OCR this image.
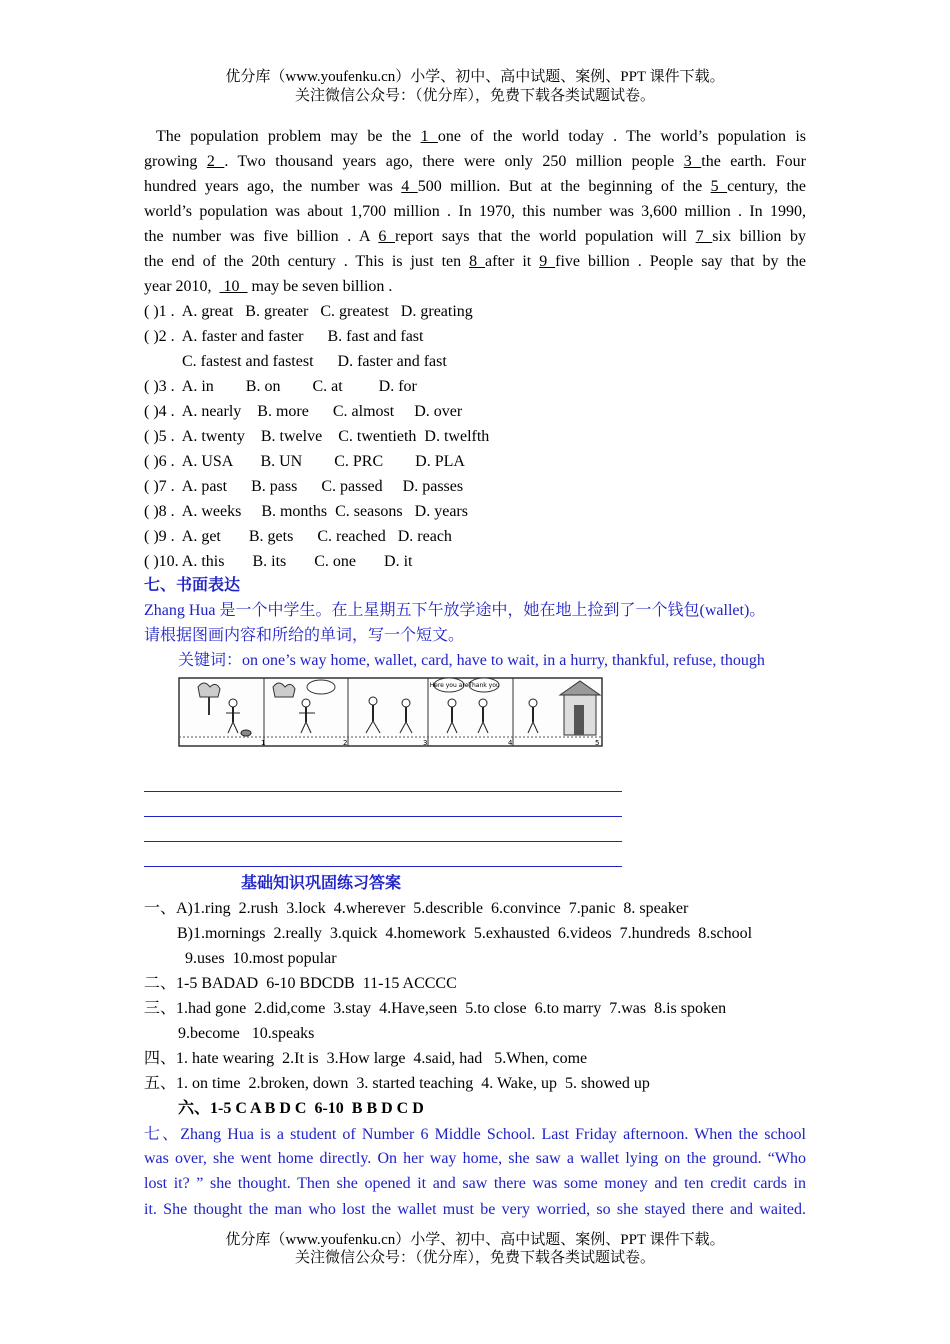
优分库（www.youfenku.cn）小学、初中、高中试题、案例、PPT 课件下载。
关注微信公众号：（优分库），免费下载各类试题试卷。
The population problem may be the 1 one of the world today . The world’s population is
growing 2 . Two thousand years ago, there were only 250 million people 3 the earth. Four
hundred years ago, the number was 4 500 million. But at the beginning of the 5 century, the
world’s population was about 1,700 million . In 1970, this number was 3,600 million . In 1990,
the number was five billion . A 6 report says that the world population will 7 six billion by
the end of the 20th century . This is just ten 8 after it 9 five billion . People say that by the
year 2010,   10   may be seven billion .
( )1 .  A. great   B. greater   C. greatest   D. greating
( )2 .  A. faster and faster      B. fast and fast
C. fastest and fastest      D. faster and fast
( )3 .  A. in        B. on        C. at         D. for
( )4 .  A. nearly    B. more      C. almost     D. over
( )5 .  A. twenty    B. twelve    C. twentieth  D. twelfth
( )6 .  A. USA       B. UN        C. PRC        D. PLA
( )7 .  A. past      B. pass      C. passed     D. passes
( )8 .  A. weeks     B. months  C. seasons   D. years
( )9 .  A. get       B. gets      C. reached   D. reach
( )10. A. this       B. its       C. one       D. it
七、书面表达
Zhang Hua 是一个中学生。在上星期五下午放学途中，她在地上捡到了一个钱包(wallet)。
请根据图画内容和所给的单词，写一个短文。
关键词：on one’s way home, wallet, card, have to wait, in a hurry, thankful, refuse, though
Here you are Thank you
1	2	3	4	5
基础知识巩固练习答案
一、A)1.ring  2.rush  3.lock  4.wherever  5.describle  6.convince  7.panic  8. speaker
B)1.mornings  2.really  3.quick  4.homework  5.exhausted  6.videos  7.hundreds  8.school
9.uses  10.most popular
二、1-5 BADAD  6-10 BDCDB  11-15 ACCCC
三、1.had gone  2.did,come  3.stay  4.Have,seen  5.to close  6.to marry  7.was  8.is spoken
9.become   10.speaks
四、1. hate wearing  2.It is  3.How large  4.said, had   5.When, come
五、1. on time  2.broken, down  3. started teaching  4. Wake, up  5. showed up
六、1-5 C A B D C  6-10  B B D C D
七、Zhang Hua is a student of Number 6 Middle School. Last Friday afternoon. When the school
was over, she went home directly. On her way home, she saw a wallet lying on the ground. “Who
lost it? ” she thought. Then she opened it and saw there was some money and ten credit cards in
it. She thought the man who lost the wallet must be very worried, so she stayed there and waited.
优分库（www.youfenku.cn）小学、初中、高中试题、案例、PPT 课件下载。
关注微信公众号：（优分库），免费下载各类试题试卷。
